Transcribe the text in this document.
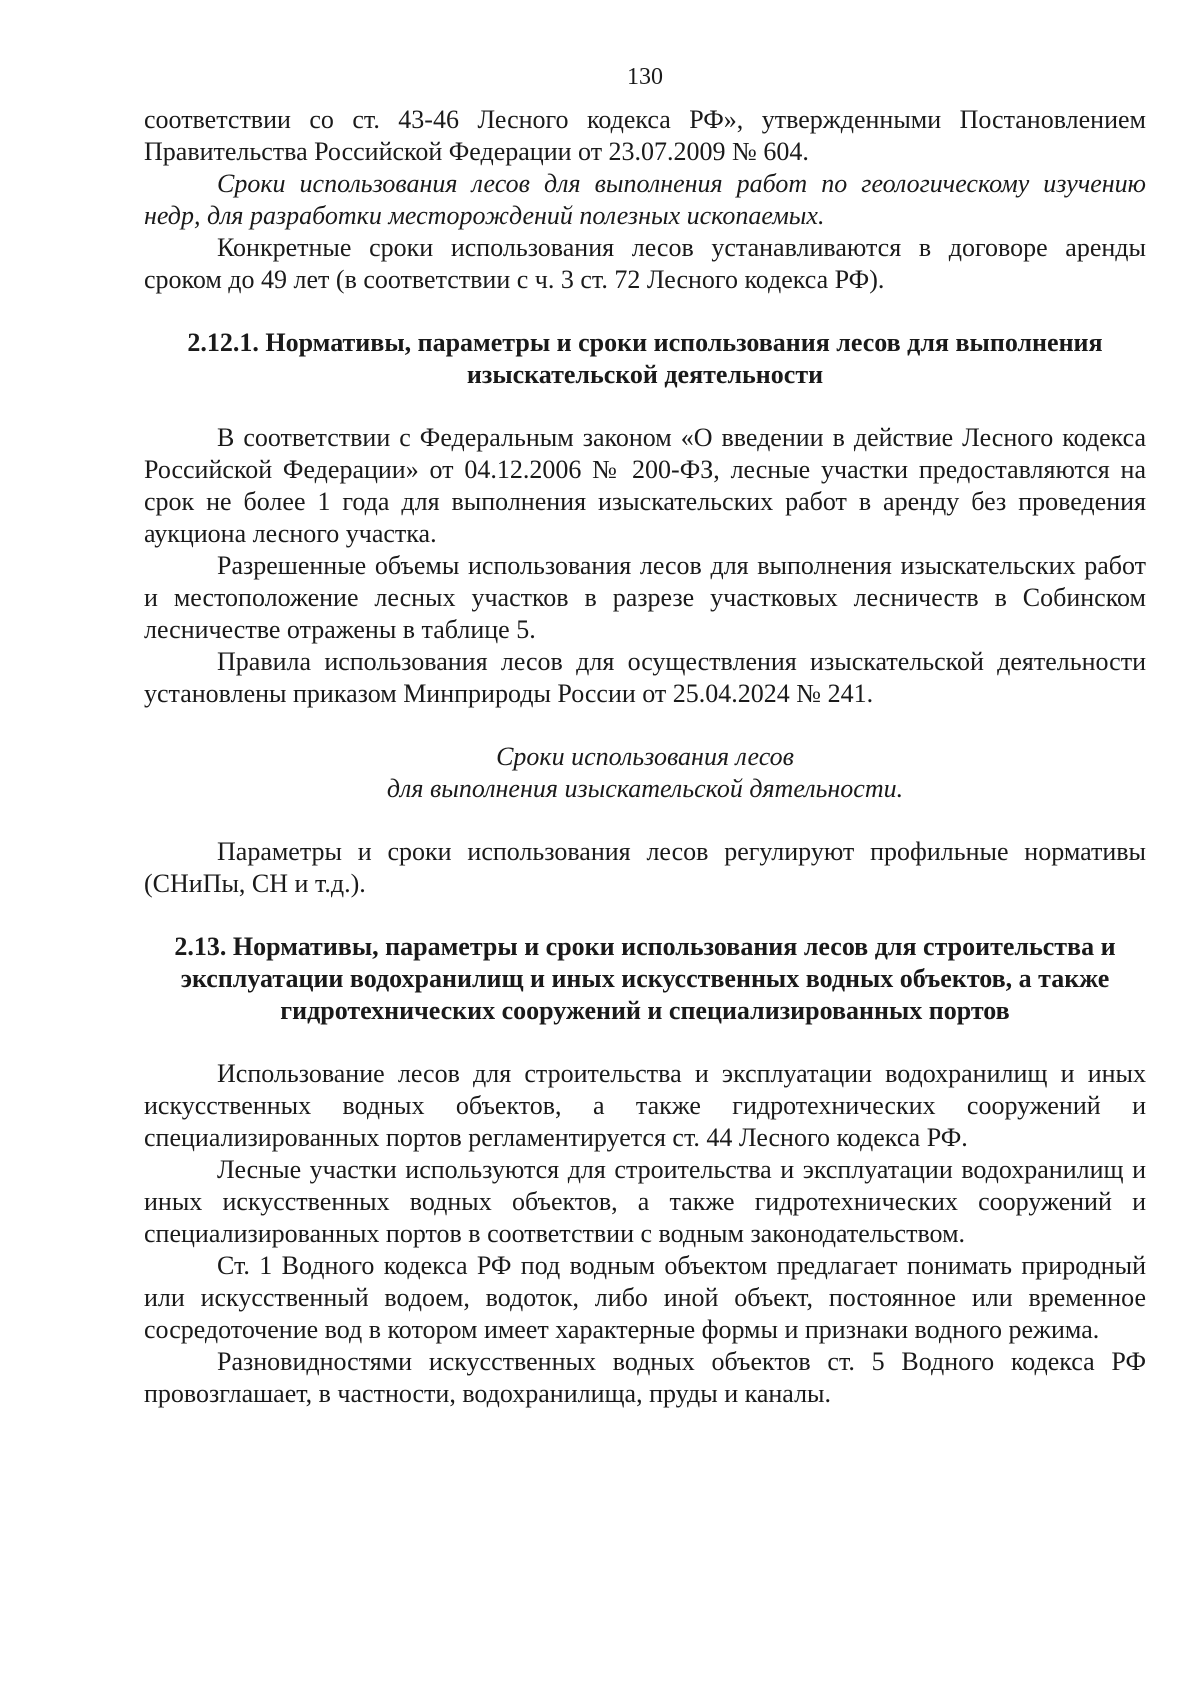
130

соответствии со ст. 43-46 Лесного кодекса РФ», утвержденными Постановлением Правительства Российской Федерации от 23.07.2009 № 604.

Сроки использования лесов для выполнения работ по геологическому изучению недр, для разработки месторождений полезных ископаемых.

Конкретные сроки использования лесов устанавливаются в договоре аренды сроком до 49 лет (в соответствии с ч. 3 ст. 72 Лесного кодекса РФ).

2.12.1. Нормативы, параметры и сроки использования лесов для выполнения изыскательской деятельности

В соответствии с Федеральным законом «О введении в действие Лесного кодекса Российской Федерации» от 04.12.2006 № 200-ФЗ, лесные участки предоставляются на срок не более 1 года для выполнения изыскательских работ в аренду без проведения аукциона лесного участка.

Разрешенные объемы использования лесов для выполнения изыскательских работ и местоположение лесных участков в разрезе участковых лесничеств в Собинском лесничестве отражены в таблице 5.

Правила использования лесов для осуществления изыскательской деятельности установлены приказом Минприроды России от 25.04.2024 № 241.

Сроки использования лесов
для выполнения изыскательской дятельности.

Параметры и сроки использования лесов регулируют профильные нормативы (СНиПы, СН и т.д.).

2.13. Нормативы, параметры и сроки использования лесов для строительства и эксплуатации водохранилищ и иных искусственных водных объектов, а также гидротехнических сооружений и специализированных портов

Использование лесов для строительства и эксплуатации водохранилищ и иных искусственных водных объектов, а также гидротехнических сооружений и специализированных портов регламентируется ст. 44 Лесного кодекса РФ.

Лесные участки используются для строительства и эксплуатации водохранилищ и иных искусственных водных объектов, а также гидротехнических сооружений и специализированных портов в соответствии с водным законодательством.

Ст. 1 Водного кодекса РФ под водным объектом предлагает понимать природный или искусственный водоем, водоток, либо иной объект, постоянное или временное сосредоточение вод в котором имеет характерные формы и признаки водного режима.

Разновидностями искусственных водных объектов ст. 5 Водного кодекса РФ провозглашает, в частности, водохранилища, пруды и каналы.
